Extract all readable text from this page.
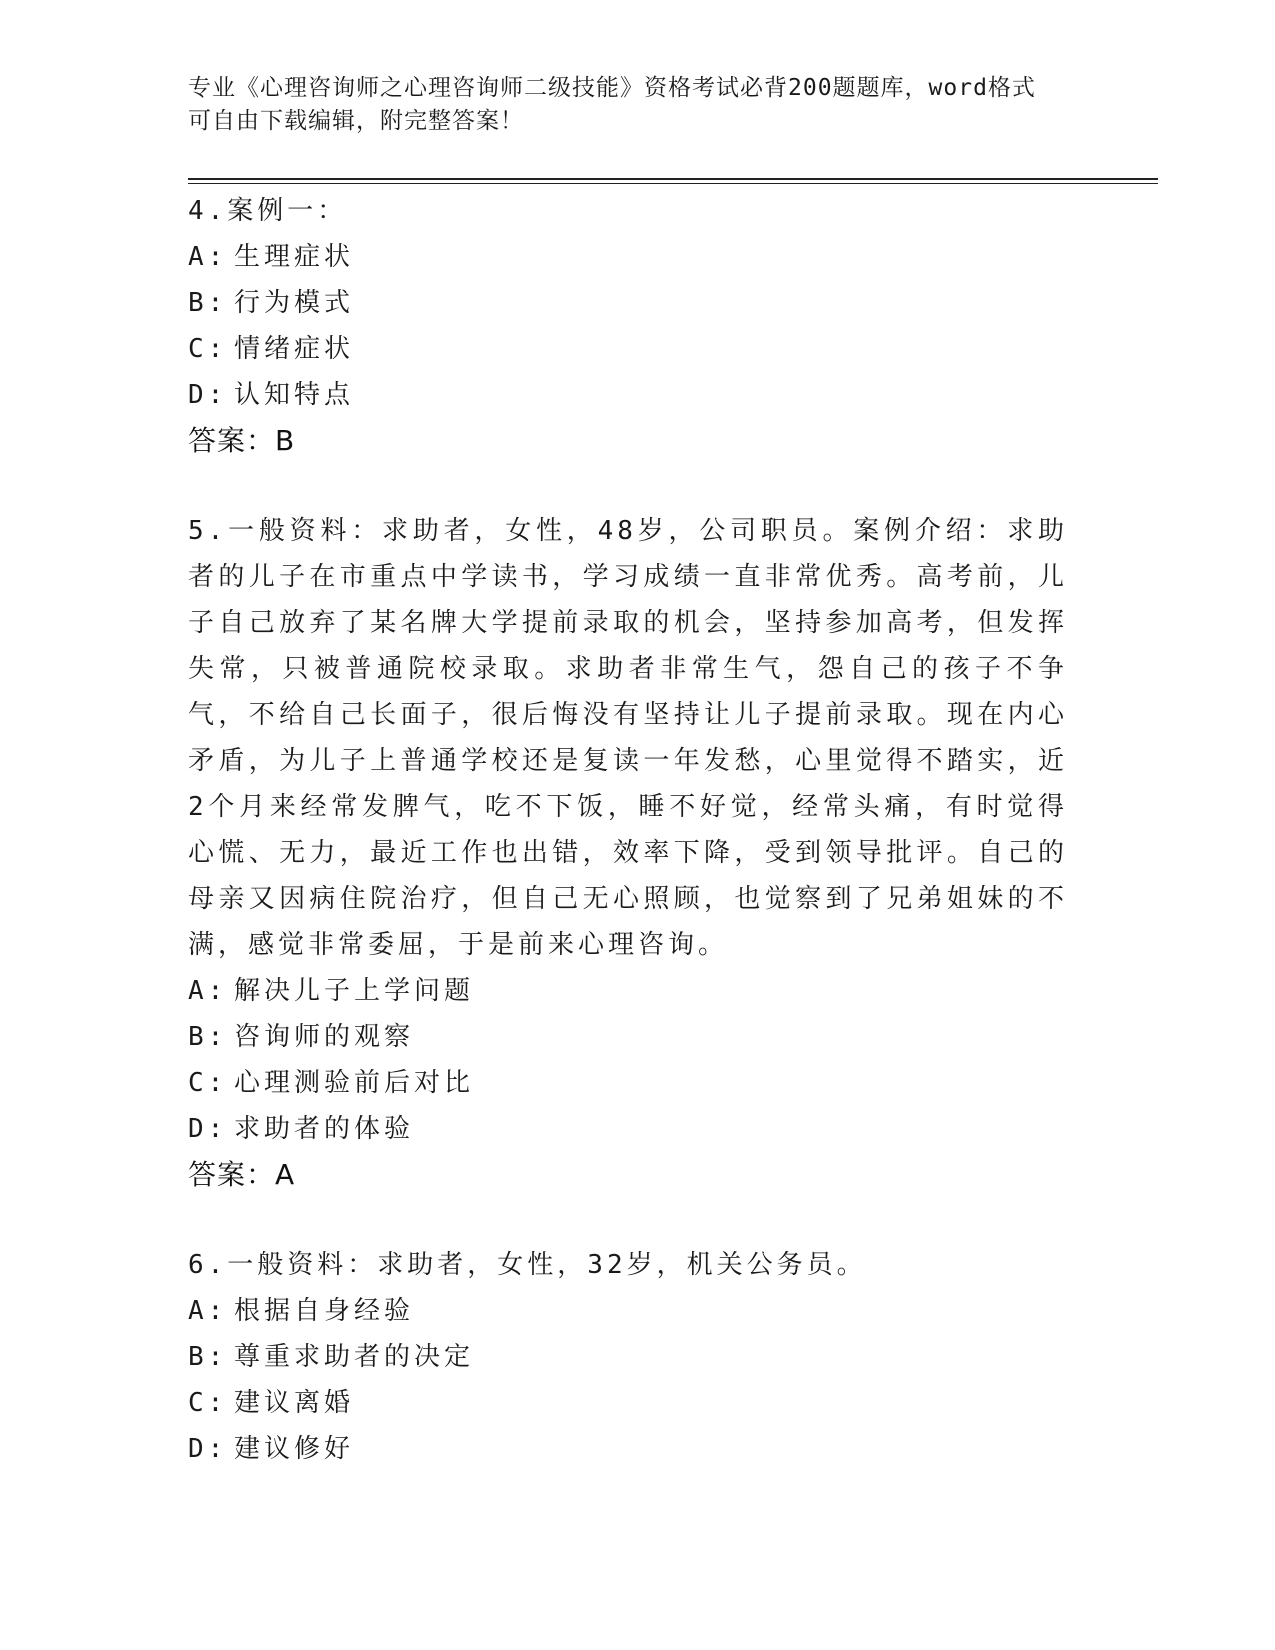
专业《心理咨询师之心理咨询师二级技能》资格考试必背200题题库，word格式
可自由下载编辑，附完整答案！

4.案例一：

A: 生理症状

B: 行为模式

C: 情绪症状

D: 认知特点

答案：B

5.一般资料：求助者，女性，48岁，公司职员。案例介绍：求助者的儿子在市重点中学读书，学习成绩一直非常优秀。高考前，儿子自己放弃了某名牌大学提前录取的机会，坚持参加高考，但发挥失常，只被普通院校录取。求助者非常生气，怨自己的孩子不争气，不给自己长面子，很后悔没有坚持让儿子提前录取。现在内心矛盾，为儿子上普通学校还是复读一年发愁，心里觉得不踏实，近2个月来经常发脾气，吃不下饭，睡不好觉，经常头痛，有时觉得心慌、无力，最近工作也出错，效率下降，受到领导批评。自己的母亲又因病住院治疗，但自己无心照顾，也觉察到了兄弟姐妹的不满，感觉非常委屈，于是前来心理咨询。

A: 解决儿子上学问题

B: 咨询师的观察

C: 心理测验前后对比

D: 求助者的体验

答案：A

6.一般资料：求助者，女性，32岁，机关公务员。

A: 根据自身经验

B: 尊重求助者的决定

C: 建议离婚

D: 建议修好
